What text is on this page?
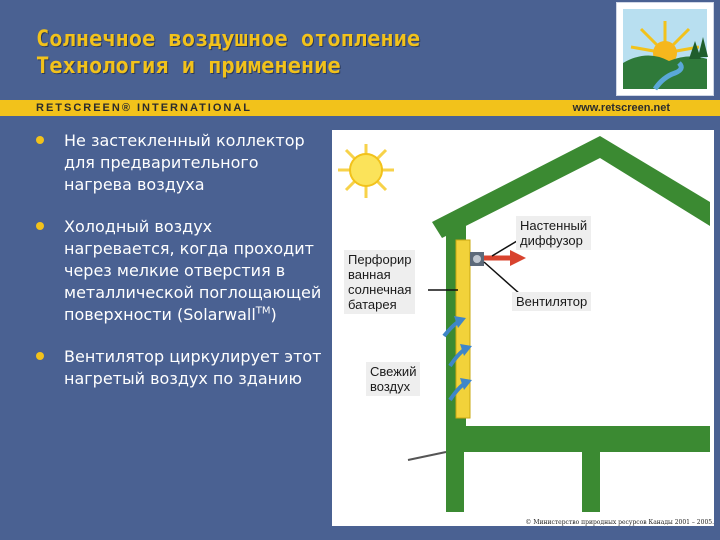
Солнечное воздушное отопление
Технология и применение
RETSCREEN® INTERNATIONAL	www.retscreen.net
Не застекленный коллектор для предварительного нагрева воздуха
Холодный воздух нагревается, когда проходит через мелкие отверстия в металлической поглощающей поверхности (Solarwall™)
Вентилятор циркулирует этот нагретый воздух по зданию
Настенный
диффузор
Перфорир
ванная
солнечная
батарея	Вентилятор
Свежий
воздух
© Министерство природных ресурсов Канады 2001 – 2005.
